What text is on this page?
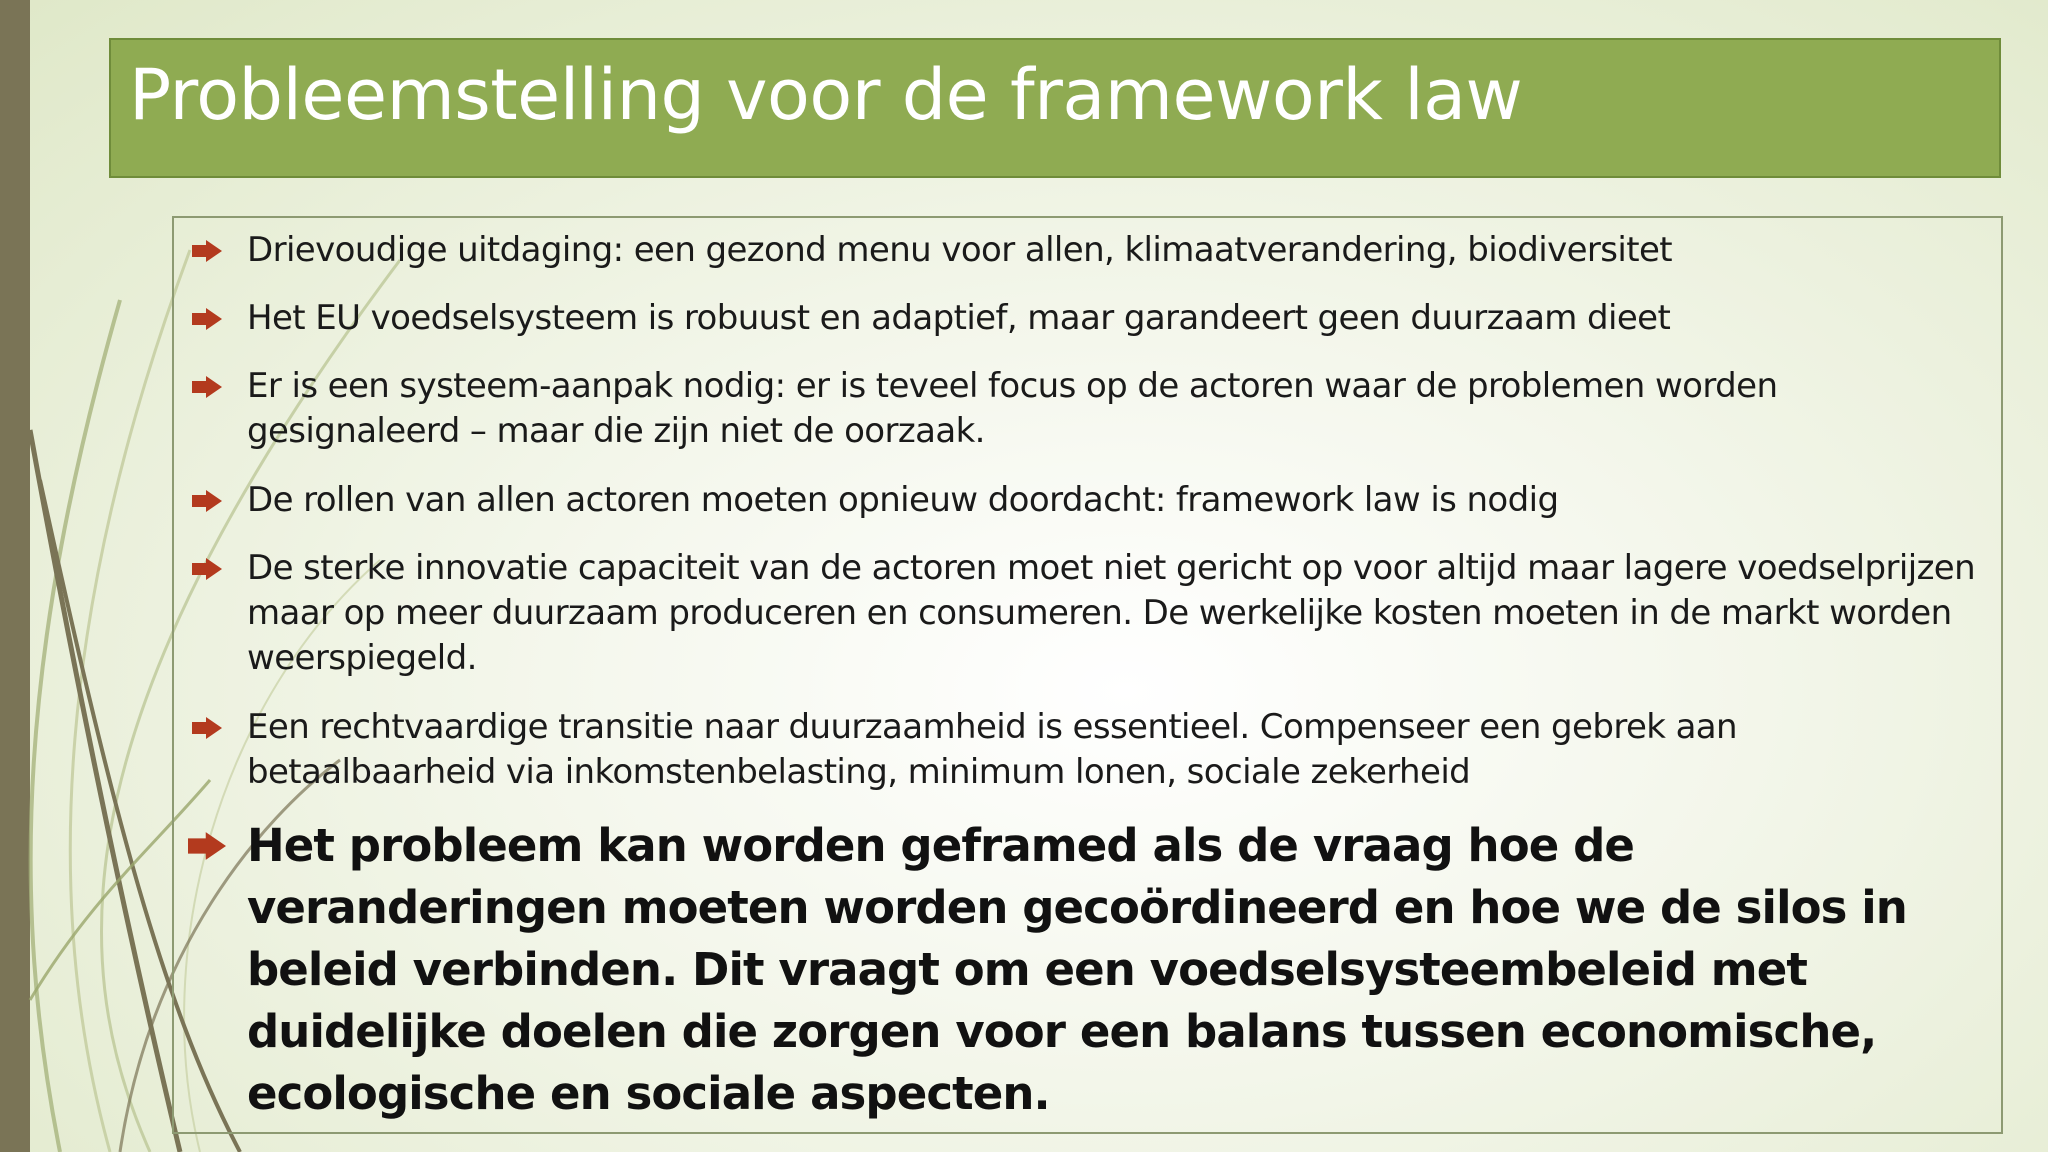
Probleemstelling voor de framework law
Drievoudige uitdaging: een gezond menu voor allen, klimaatverandering, biodiversitet
Het EU voedselsysteem is robuust en adaptief, maar garandeert geen duurzaam dieet
Er is een systeem-aanpak nodig: er is teveel focus op de actoren waar de problemen worden gesignaleerd – maar die zijn niet de oorzaak.
De rollen van allen actoren moeten opnieuw doordacht: framework law is nodig
De sterke innovatie capaciteit van de actoren moet niet gericht op voor altijd maar lagere voedselprijzen maar op meer duurzaam produceren en consumeren. De werkelijke kosten moeten in de markt worden weerspiegeld.
Een rechtvaardige transitie naar duurzaamheid is essentieel. Compenseer een gebrek aan betaalbaarheid via inkomstenbelasting, minimum lonen, sociale zekerheid
Het probleem kan worden geframed als de vraag hoe de veranderingen moeten worden gecoördineerd en hoe we de silos in beleid verbinden. Dit vraagt om een voedselsysteembeleid met duidelijke doelen die zorgen voor een balans tussen economische, ecologische en sociale aspecten.
